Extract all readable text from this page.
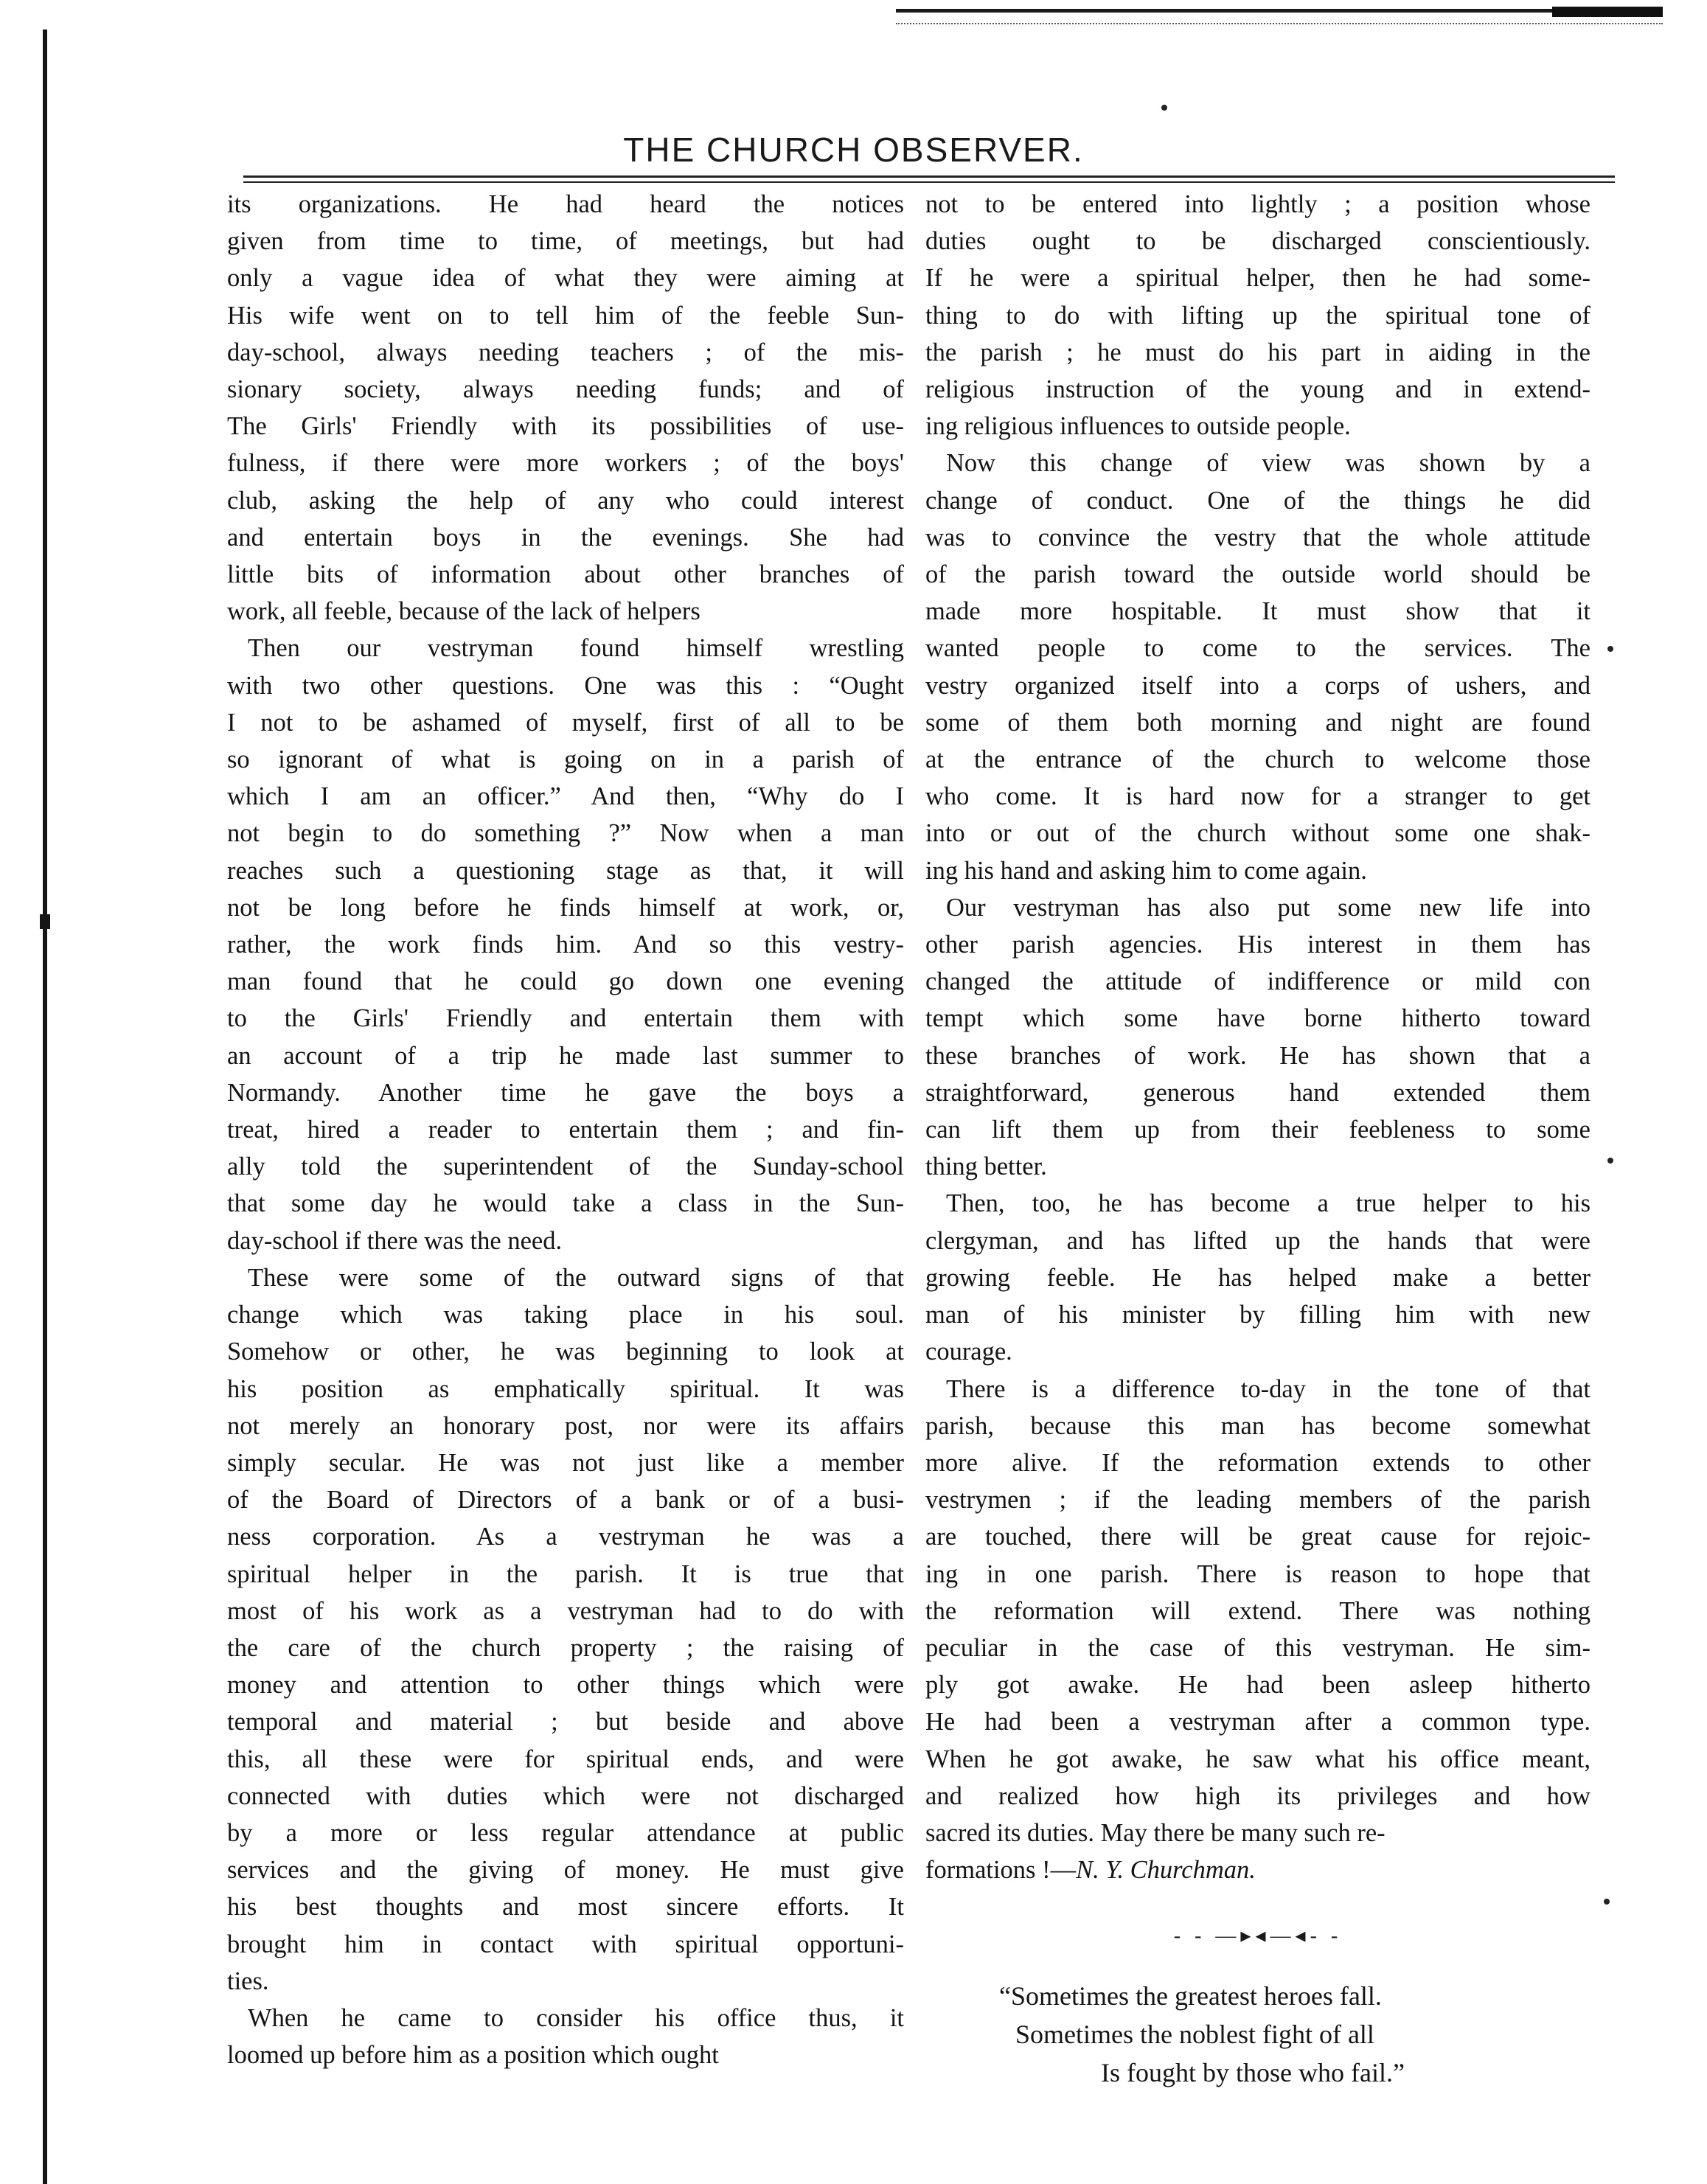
THE CHURCH OBSERVER.

its organizations. He had heard the notices
given from time to time, of meetings, but had
only a vague idea of what they were aiming at
His wife went on to tell him of the feeble Sun-
day-school, always needing teachers ; of the mis-
sionary society, always needing funds; and of
The Girls' Friendly with its possibilities of use-
fulness, if there were more workers ; of the boys'
club, asking the help of any who could interest
and entertain boys in the evenings. She had
little bits of information about other branches of
work, all feeble, because of the lack of helpers

Then our vestryman found himself wrestling
with two other questions. One was this : “Ought
I not to be ashamed of myself, first of all to be
so ignorant of what is going on in a parish of
which I am an officer.” And then, “Why do I
not begin to do something ?” Now when a man
reaches such a questioning stage as that, it will
not be long before he finds himself at work, or,
rather, the work finds him. And so this vestry-
man found that he could go down one evening
to the Girls' Friendly and entertain them with
an account of a trip he made last summer to
Normandy. Another time he gave the boys a
treat, hired a reader to entertain them ; and fin-
ally told the superintendent of the Sunday-school
that some day he would take a class in the Sun-
day-school if there was the need.

These were some of the outward signs of that
change which was taking place in his soul.
Somehow or other, he was beginning to look at
his position as emphatically spiritual. It was
not merely an honorary post, nor were its affairs
simply secular. He was not just like a member
of the Board of Directors of a bank or of a busi-
ness corporation. As a vestryman he was a
spiritual helper in the parish. It is true that
most of his work as a vestryman had to do with
the care of the church property ; the raising of
money and attention to other things which were
temporal and material ; but beside and above
this, all these were for spiritual ends, and were
connected with duties which were not discharged
by a more or less regular attendance at public
services and the giving of money. He must give
his best thoughts and most sincere efforts. It
brought him in contact with spiritual opportuni-
ties.

When he came to consider his office thus, it
loomed up before him as a position which ought

not to be entered into lightly ; a position whose
duties ought to be discharged conscientiously.
If he were a spiritual helper, then he had some-
thing to do with lifting up the spiritual tone of
the parish ; he must do his part in aiding in the
religious instruction of the young and in extend-
ing religious influences to outside people.

Now this change of view was shown by a
change of conduct. One of the things he did
was to convince the vestry that the whole attitude
of the parish toward the outside world should be
made more hospitable. It must show that it
wanted people to come to the services. The
vestry organized itself into a corps of ushers, and
some of them both morning and night are found
at the entrance of the church to welcome those
who come. It is hard now for a stranger to get
into or out of the church without some one shak-
ing his hand and asking him to come again.

Our vestryman has also put some new life into
other parish agencies. His interest in them has
changed the attitude of indifference or mild con
tempt which some have borne hitherto toward
these branches of work. He has shown that a
straightforward, generous hand extended them
can lift them up from their feebleness to some
thing better.

Then, too, he has become a true helper to his
clergyman, and has lifted up the hands that were
growing feeble. He has helped make a better
man of his minister by filling him with new
courage.

There is a difference to-day in the tone of that
parish, because this man has become somewhat
more alive. If the reformation extends to other
vestrymen ; if the leading members of the parish
are touched, there will be great cause for rejoic-
ing in one parish. There is reason to hope that
the reformation will extend. There was nothing
peculiar in the case of this vestryman. He sim-
ply got awake. He had been asleep hitherto
He had been a vestryman after a common type.
When he got awake, he saw what his office meant,
and realized how high its privileges and how
sacred its duties. May there be many such re-

formations !—N. Y. Churchman.

- - —▸◂—◂- -
“Sometimes the greatest heroes fall.
Sometimes the noblest fight of all
Is fought by those who fail.”
